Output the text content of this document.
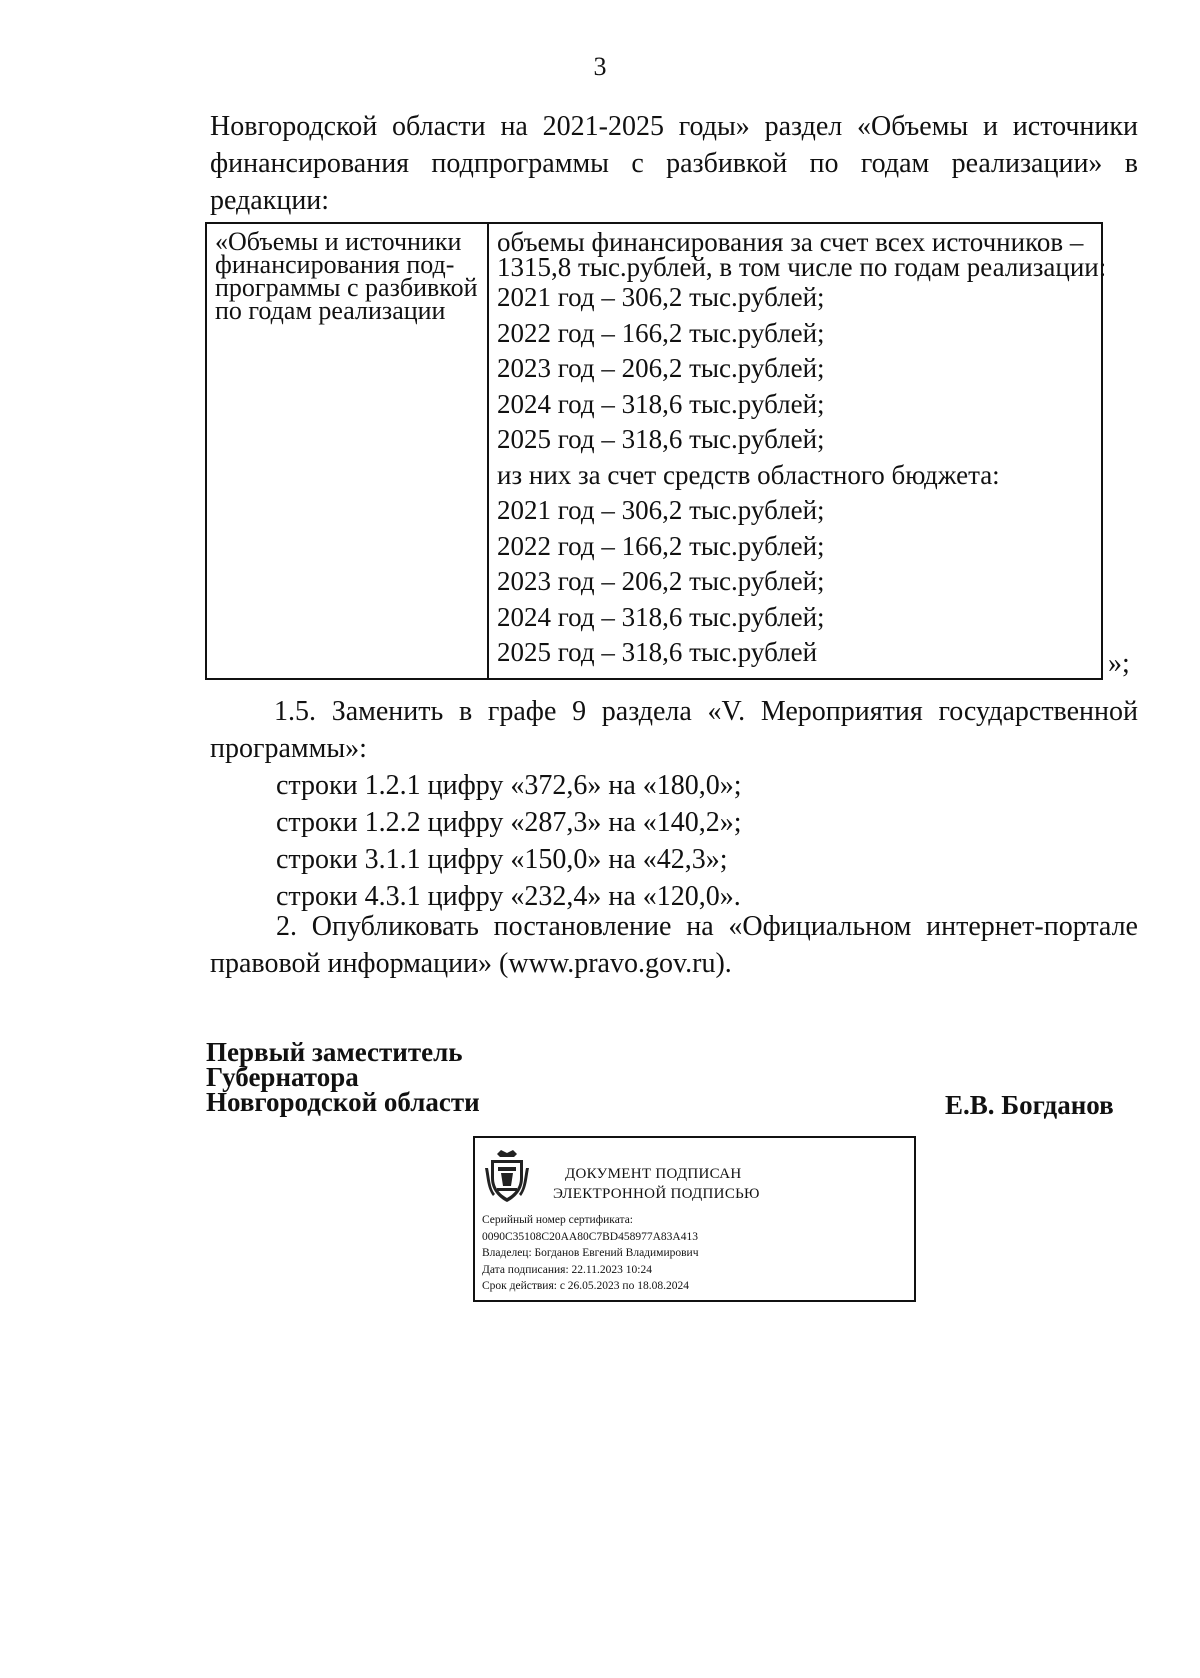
3
Новгородской области на 2021-2025 годы» раздел «Объемы и источники
финансирования подпрограммы с разбивкой по годам реализации» в
редакции:
«Объемы и источники
финансирования под-
программы с разбивкой
по годам реализации
объемы финансирования за счет всех источников –
1315,8 тыс.рублей, в том числе по годам реализации:
2021 год – 306,2 тыс.рублей;
2022 год – 166,2 тыс.рублей;
2023 год – 206,2 тыс.рублей;
2024 год – 318,6 тыс.рублей;
2025 год – 318,6 тыс.рублей;
из них за счет средств областного бюджета:
2021 год – 306,2 тыс.рублей;
2022 год – 166,2 тыс.рублей;
2023 год – 206,2 тыс.рублей;
2024 год – 318,6 тыс.рублей;
2025 год – 318,6 тыс.рублей	»;
1.5. Заменить в графе 9 раздела «V. Мероприятия государственной
программы»:
строки 1.2.1 цифру «372,6» на «180,0»;
строки 1.2.2 цифру «287,3» на «140,2»;
строки 3.1.1 цифру «150,0» на «42,3»;
строки 4.3.1 цифру «232,4» на «120,0».
2. Опубликовать постановление на «Официальном интернет-портале
правовой информации» (www.pravo.gov.ru).
Первый заместитель
Губернатора
Новгородской области	Е.В. Богданов
ДОКУМЕНТ ПОДПИСАН
ЭЛЕКТРОННОЙ ПОДПИСЬЮ
Серийный номер сертификата:
0090C35108C20AA80C7BD458977A83A413
Владелец: Богданов Евгений Владимирович
Дата подписания: 22.11.2023 10:24
Срок действия: с 26.05.2023 по 18.08.2024
